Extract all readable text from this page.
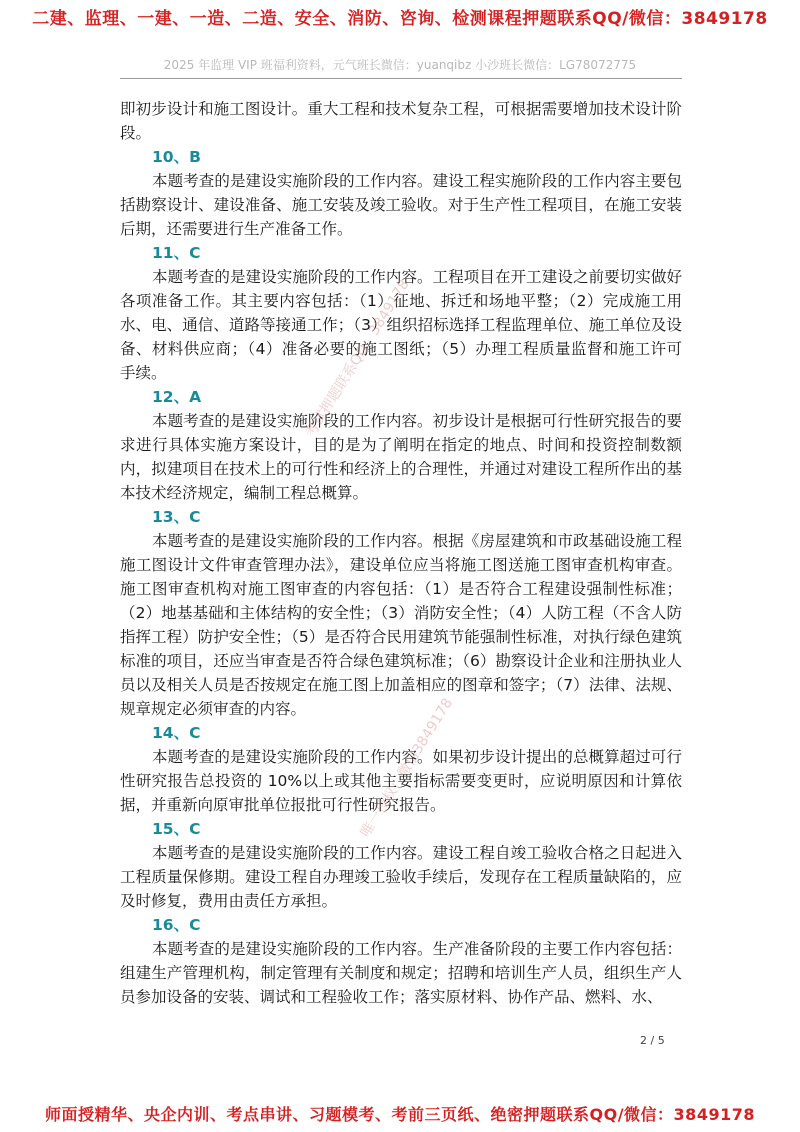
二建、监理、一建、一造、二造、安全、消防、咨询、检测课程押题联系QQ/微信：3849178
2025 年监理 VIP 班福利资料，元气班长微信：yuanqibz 小沙班长微信：LG78072775

即初步设计和施工图设计。重大工程和技术复杂工程，可根据需要增加技术设计阶段。

10、B

本题考查的是建设实施阶段的工作内容。建设工程实施阶段的工作内容主要包括勘察设计、建设准备、施工安装及竣工验收。对于生产性工程项目，在施工安装后期，还需要进行生产准备工作。

11、C

本题考查的是建设实施阶段的工作内容。工程项目在开工建设之前要切实做好各项准备工作。其主要内容包括：（1）征地、拆迁和场地平整；（2）完成施工用水、电、通信、道路等接通工作；（3）组织招标选择工程监理单位、施工单位及设备、材料供应商；（4）准备必要的施工图纸；（5）办理工程质量监督和施工许可手续。

12、A

本题考查的是建设实施阶段的工作内容。初步设计是根据可行性研究报告的要求进行具体实施方案设计，目的是为了阐明在指定的地点、时间和投资控制数额内，拟建项目在技术上的可行性和经济上的合理性，并通过对建设工程所作出的基本技术经济规定，编制工程总概算。

13、C

本题考查的是建设实施阶段的工作内容。根据《房屋建筑和市政基础设施工程施工图设计文件审查管理办法》，建设单位应当将施工图送施工图审查机构审查。施工图审查机构对施工图审查的内容包括：（1）是否符合工程建设强制性标准；（2）地基基础和主体结构的安全性；（3）消防安全性；（4）人防工程（不含人防指挥工程）防护安全性；（5）是否符合民用建筑节能强制性标准，对执行绿色建筑标准的项目，还应当审查是否符合绿色建筑标准；（6）勘察设计企业和注册执业人员以及相关人员是否按规定在施工图上加盖相应的图章和签字；（7）法律、法规、规章规定必须审查的内容。

14、C

本题考查的是建设实施阶段的工作内容。如果初步设计提出的总概算超过可行性研究报告总投资的 10%以上或其他主要指标需要变更时，应说明原因和计算依据，并重新向原审批单位报批可行性研究报告。

15、C

本题考查的是建设实施阶段的工作内容。建设工程自竣工验收合格之日起进入工程质量保修期。建设工程自办理竣工验收手续后，发现存在工程质量缺陷的，应及时修复，费用由责任方承担。

16、C

本题考查的是建设实施阶段的工作内容。生产准备阶段的主要工作内容包括：组建生产管理机构，制定管理有关制度和规定；招聘和培训生产人员，组织生产人员参加设备的安装、调试和工程验收工作；落实原材料、协作产品、燃料、水、

考试押题联系QQ：3849178
唯一授权：微信3849178
2 / 5
师面授精华、央企内训、考点串讲、习题模考、考前三页纸、绝密押题联系QQ/微信：3849178
